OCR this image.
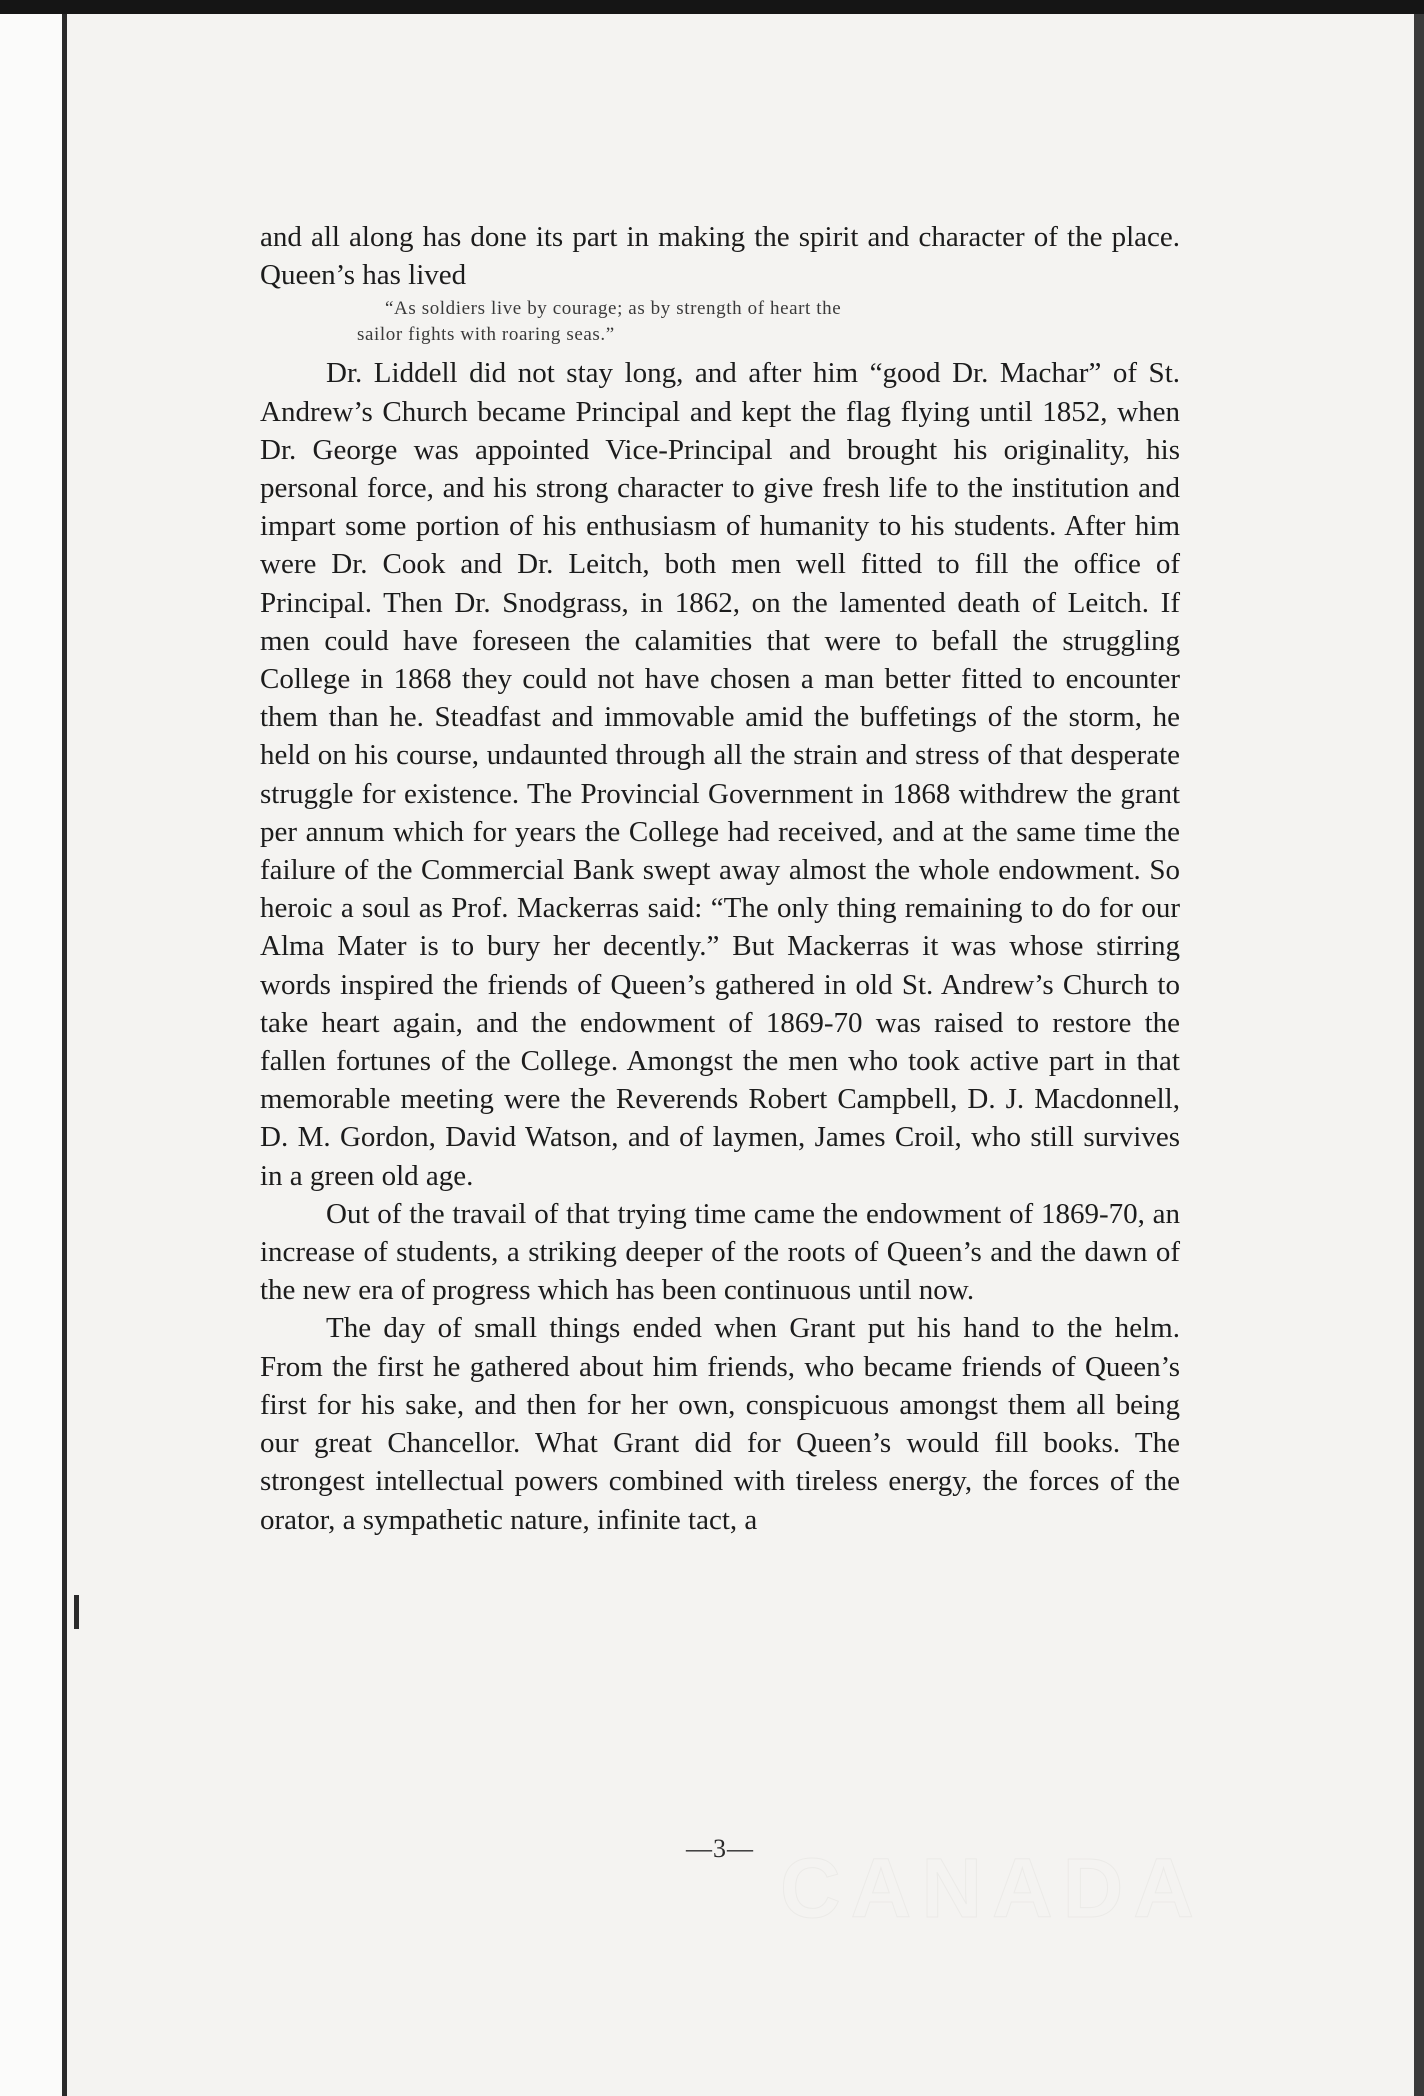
and all along has done its part in making the spirit and character of the place. Queen’s has lived

“As soldiers live by courage; as by strength of heart the
sailor fights with roaring seas.”

Dr. Liddell did not stay long, and after him “good Dr. Machar” of St. Andrew’s Church became Principal and kept the flag flying until 1852, when Dr. George was appointed Vice-Principal and brought his originality, his personal force, and his strong character to give fresh life to the institution and impart some portion of his enthusiasm of humanity to his students. After him were Dr. Cook and Dr. Leitch, both men well fitted to fill the office of Principal. Then Dr. Snodgrass, in 1862, on the lamented death of Leitch. If men could have foreseen the calamities that were to befall the struggling College in 1868 they could not have chosen a man better fitted to encounter them than he. Steadfast and immovable amid the buffetings of the storm, he held on his course, undaunted through all the strain and stress of that desperate struggle for existence. The Provincial Government in 1868 withdrew the grant per annum which for years the College had received, and at the same time the failure of the Commercial Bank swept away almost the whole endowment. So heroic a soul as Prof. Mackerras said: “The only thing remaining to do for our Alma Mater is to bury her decently.” But Mackerras it was whose stirring words inspired the friends of Queen’s gathered in old St. Andrew’s Church to take heart again, and the endowment of 1869-70 was raised to restore the fallen fortunes of the College. Amongst the men who took active part in that memorable meeting were the Reverends Robert Campbell, D. J. Macdonnell, D. M. Gordon, David Watson, and of laymen, James Croil, who still survives in a green old age.

Out of the travail of that trying time came the endowment of 1869-70, an increase of students, a striking deeper of the roots of Queen’s and the dawn of the new era of progress which has been continuous until now.

The day of small things ended when Grant put his hand to the helm. From the first he gathered about him friends, who became friends of Queen’s first for his sake, and then for her own, conspicuous amongst them all being our great Chancellor. What Grant did for Queen’s would fill books. The strongest intellectual powers combined with tireless energy, the forces of the orator, a sympathetic nature, infinite tact, a

—3— CANADA
